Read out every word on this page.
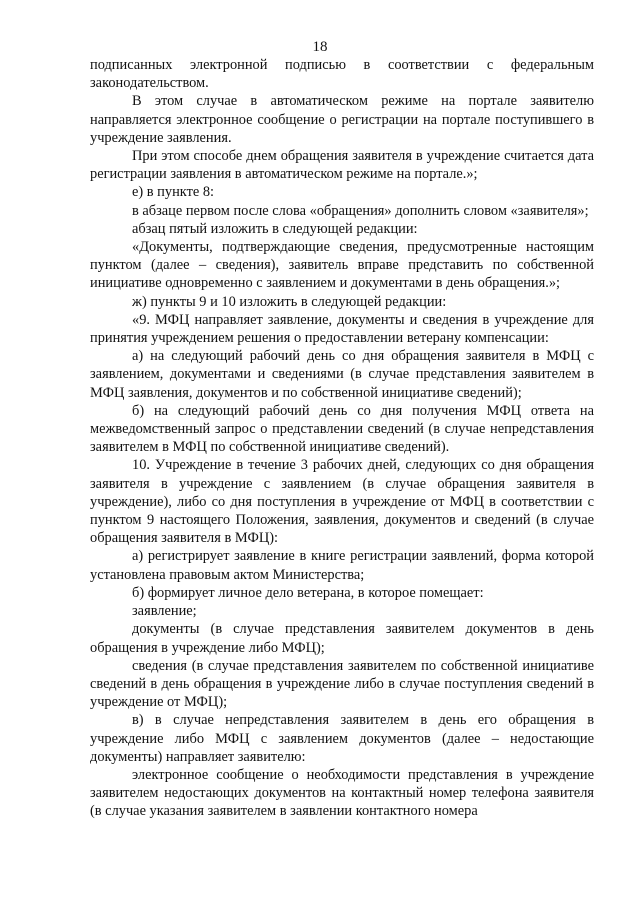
18

подписанных электронной подписью в соответствии с федеральным законодательством.

В этом случае в автоматическом режиме на портале заявителю направляется электронное сообщение о регистрации на портале поступившего в учреждение заявления.

При этом способе днем обращения заявителя в учреждение считается дата регистрации заявления в автоматическом режиме на портале.»;

е) в пункте 8:

в абзаце первом после слова «обращения» дополнить словом «заявителя»;

абзац пятый изложить в следующей редакции:

«Документы, подтверждающие сведения, предусмотренные настоящим пунктом (далее – сведения), заявитель вправе представить по собственной инициативе одновременно с заявлением и документами в день обращения.»;

ж) пункты 9 и 10 изложить в следующей редакции:

«9. МФЦ направляет заявление, документы и сведения в учреждение для принятия учреждением решения о предоставлении ветерану компенсации:

а) на следующий рабочий день со дня обращения заявителя в МФЦ с заявлением, документами и сведениями (в случае представления заявителем в МФЦ заявления, документов и по собственной инициативе сведений);

б) на следующий рабочий день со дня получения МФЦ ответа на межведомственный запрос о представлении сведений (в случае непредставления заявителем в МФЦ по собственной инициативе сведений).

10. Учреждение в течение 3 рабочих дней, следующих со дня обращения заявителя в учреждение с заявлением (в случае обращения заявителя в учреждение), либо со дня поступления в учреждение от МФЦ в соответствии с пунктом 9 настоящего Положения, заявления, документов и сведений (в случае обращения заявителя в МФЦ):

а) регистрирует заявление в книге регистрации заявлений, форма которой установлена правовым актом Министерства;

б) формирует личное дело ветерана, в которое помещает:

заявление;

документы (в случае представления заявителем документов в день обращения в учреждение либо МФЦ);

сведения (в случае представления заявителем по собственной инициативе сведений в день обращения в учреждение либо в случае поступления сведений в учреждение от МФЦ);

в) в случае непредставления заявителем в день его обращения в учреждение либо МФЦ с заявлением документов (далее – недостающие документы) направляет заявителю:

электронное сообщение о необходимости представления в учреждение заявителем недостающих документов на контактный номер телефона заявителя (в случае указания заявителем в заявлении контактного номера
